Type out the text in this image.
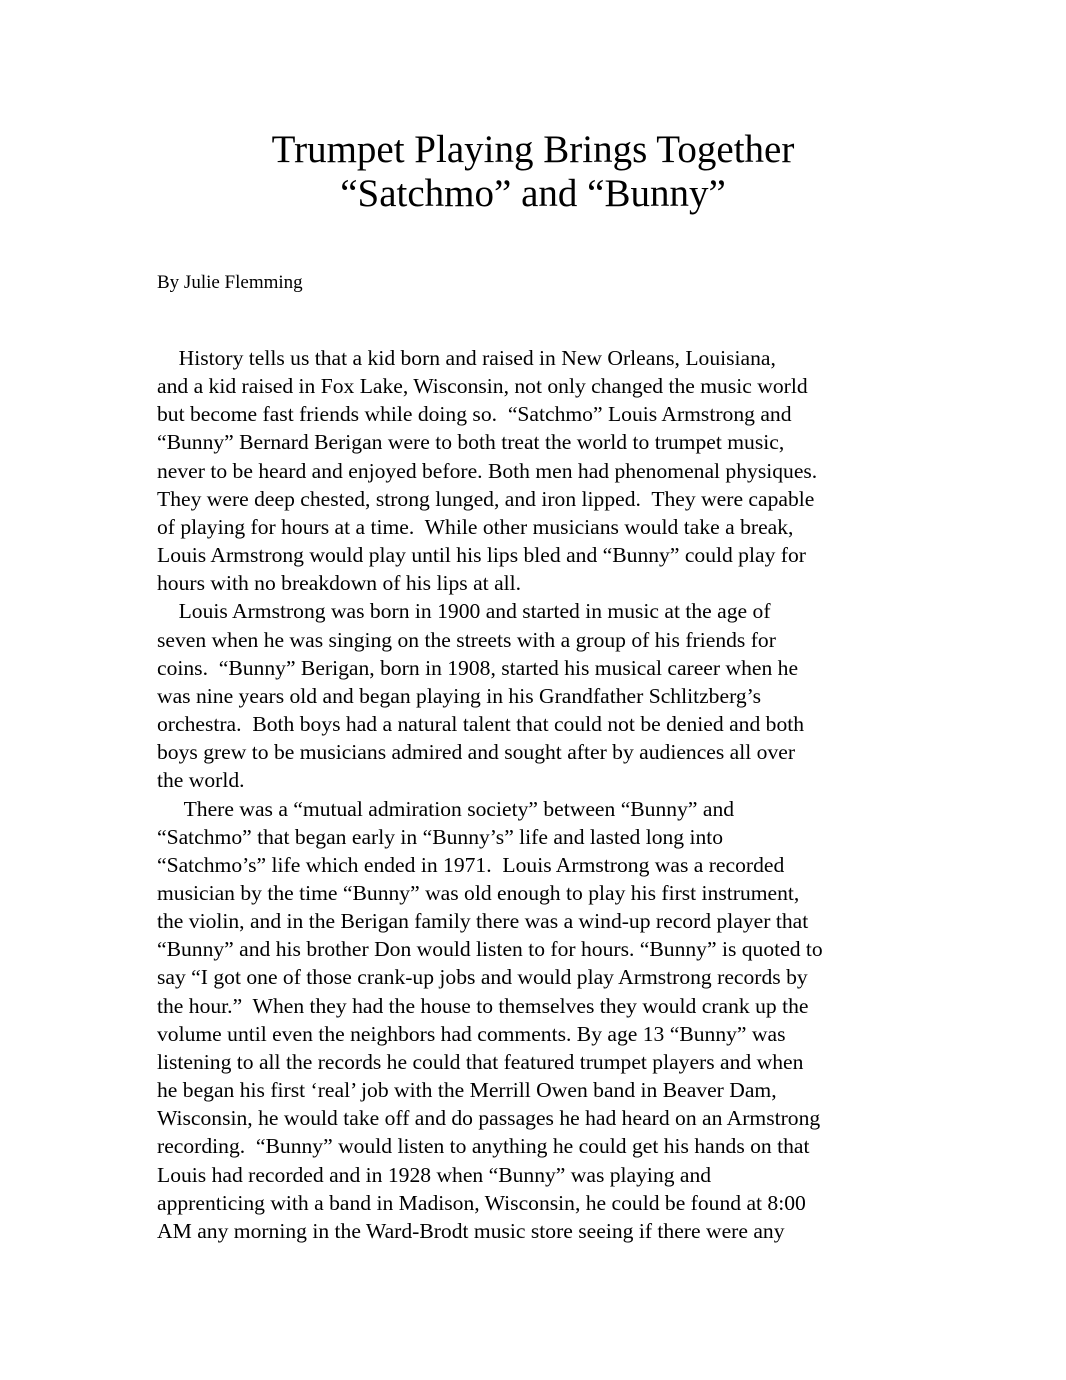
Trumpet Playing Brings Together
“Satchmo” and “Bunny”

By Julie Flemming

History tells us that a kid born and raised in New Orleans, Louisiana,
and a kid raised in Fox Lake, Wisconsin, not only changed the music world
but become fast friends while doing so.  “Satchmo” Louis Armstrong and
“Bunny” Bernard Berigan were to both treat the world to trumpet music,
never to be heard and enjoyed before. Both men had phenomenal physiques.
They were deep chested, strong lunged, and iron lipped.  They were capable
of playing for hours at a time.  While other musicians would take a break,
Louis Armstrong would play until his lips bled and “Bunny” could play for
hours with no breakdown of his lips at all.
Louis Armstrong was born in 1900 and started in music at the age of
seven when he was singing on the streets with a group of his friends for
coins.  “Bunny” Berigan, born in 1908, started his musical career when he
was nine years old and began playing in his Grandfather Schlitzberg’s
orchestra.  Both boys had a natural talent that could not be denied and both
boys grew to be musicians admired and sought after by audiences all over
the world.
There was a “mutual admiration society” between “Bunny” and
“Satchmo” that began early in “Bunny’s” life and lasted long into
“Satchmo’s” life which ended in 1971.  Louis Armstrong was a recorded
musician by the time “Bunny” was old enough to play his first instrument,
the violin, and in the Berigan family there was a wind-up record player that
“Bunny” and his brother Don would listen to for hours. “Bunny” is quoted to
say “I got one of those crank-up jobs and would play Armstrong records by
the hour.”  When they had the house to themselves they would crank up the
volume until even the neighbors had comments. By age 13 “Bunny” was
listening to all the records he could that featured trumpet players and when
he began his first ‘real’ job with the Merrill Owen band in Beaver Dam,
Wisconsin, he would take off and do passages he had heard on an Armstrong
recording.  “Bunny” would listen to anything he could get his hands on that
Louis had recorded and in 1928 when “Bunny” was playing and
apprenticing with a band in Madison, Wisconsin, he could be found at 8:00
AM any morning in the Ward-Brodt music store seeing if there were any
